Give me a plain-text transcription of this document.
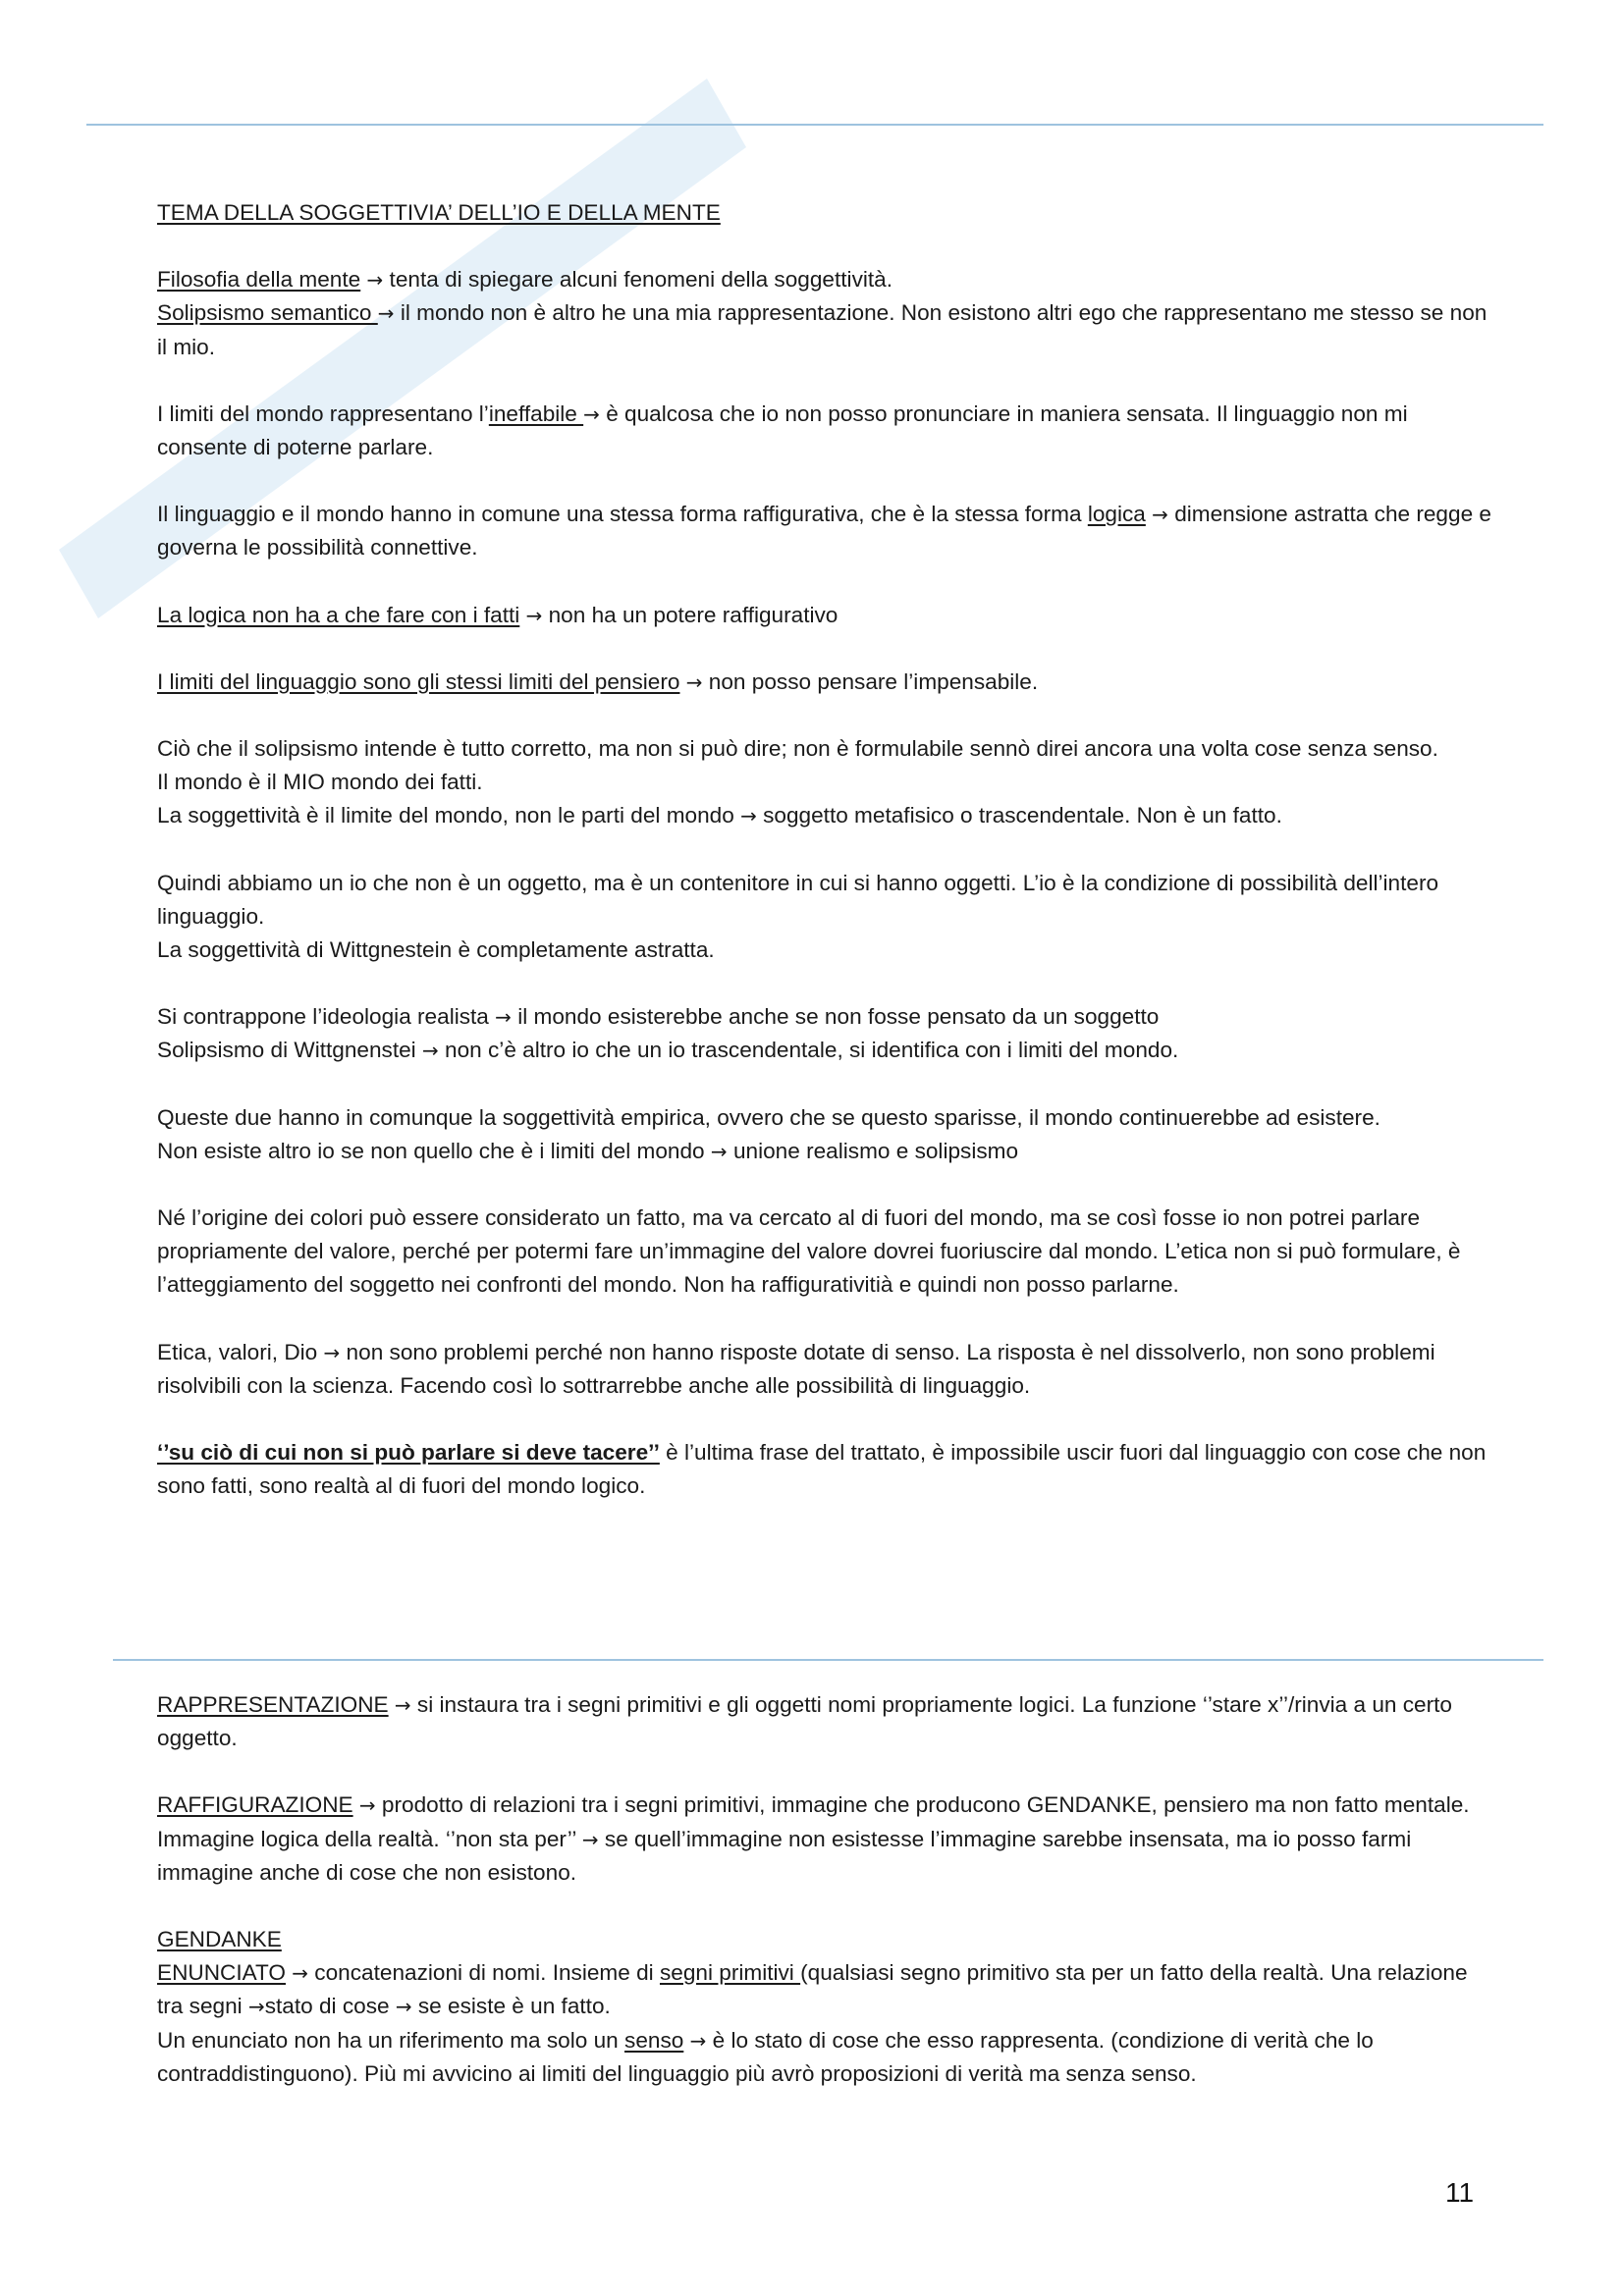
TEMA DELLA SOGGETTIVIA’ DELL’IO E DELLA MENTE

Filosofia della mente → tenta di spiegare alcuni fenomeni della soggettività.

Solipsismo semantico → il mondo non è altro he una mia rappresentazione. Non esistono altri ego che rappresentano me stesso se non il mio.

I limiti del mondo rappresentano l’ineffabile → è qualcosa che io non posso pronunciare in maniera sensata. Il linguaggio non mi consente di poterne parlare.

Il linguaggio e il mondo hanno in comune una stessa forma raffigurativa, che è la stessa forma logica → dimensione astratta che regge e governa le possibilità connettive.

La logica non ha a che fare con i fatti → non ha un potere raffigurativo

I limiti del linguaggio sono gli stessi limiti del pensiero → non posso pensare l’impensabile.

Ciò che il solipsismo intende è tutto corretto, ma non si può dire; non è formulabile sennò direi ancora una volta cose senza senso.

Il mondo è il MIO mondo dei fatti.

La soggettività è il limite del mondo, non le parti del mondo → soggetto metafisico o trascendentale. Non è un fatto.

Quindi abbiamo un io che non è un oggetto, ma è un contenitore in cui si hanno oggetti. L’io è la condizione di possibilità dell’intero linguaggio.

La soggettività di Wittgnestein è completamente astratta.

Si contrappone l’ideologia realista → il mondo esisterebbe anche se non fosse pensato da un soggetto

Solipsismo di Wittgnenstei → non c’è altro io che un io trascendentale, si identifica con i limiti del mondo.

Queste due hanno in comunque la soggettività empirica, ovvero che se questo sparisse, il mondo continuerebbe ad esistere.

Non esiste altro io se non quello che è i limiti del mondo → unione realismo e solipsismo

Né l’origine dei colori può essere considerato un fatto, ma va cercato al di fuori del mondo, ma se così fosse io non potrei parlare propriamente del valore, perché per potermi fare un’immagine del valore dovrei fuoriuscire dal mondo. L’etica non si può formulare, è l’atteggiamento del soggetto nei confronti del mondo. Non ha raffigurativitià e quindi non posso parlarne.

Etica, valori, Dio → non sono problemi perché non hanno risposte dotate di senso. La risposta è nel dissolverlo, non sono problemi risolvibili con la scienza. Facendo così lo sottrarrebbe anche alle possibilità di linguaggio.

‘’su ciò di cui non si può parlare si deve tacere’’ è l’ultima frase del trattato, è impossibile uscir fuori dal linguaggio con cose che non sono fatti, sono realtà al di fuori del mondo logico.

RAPPRESENTAZIONE → si instaura tra i segni primitivi e gli oggetti nomi propriamente logici. La funzione ‘’stare x’’/rinvia a un certo oggetto.

RAFFIGURAZIONE → prodotto di relazioni tra i segni primitivi, immagine che producono GENDANKE, pensiero ma non fatto mentale. Immagine logica della realtà. ‘’non sta per’’ → se quell’immagine non esistesse l’immagine sarebbe insensata, ma io posso farmi immagine anche di cose che non esistono.

GENDANKE

ENUNCIATO → concatenazioni di nomi. Insieme di segni primitivi (qualsiasi segno primitivo sta per un fatto della realtà. Una relazione tra segni →stato di cose → se esiste è un fatto.

Un enunciato non ha un riferimento ma solo un senso → è lo stato di cose che esso rappresenta. (condizione di verità che lo contraddistinguono). Più mi avvicino ai limiti del linguaggio più avrò proposizioni di verità ma senza senso.

11
